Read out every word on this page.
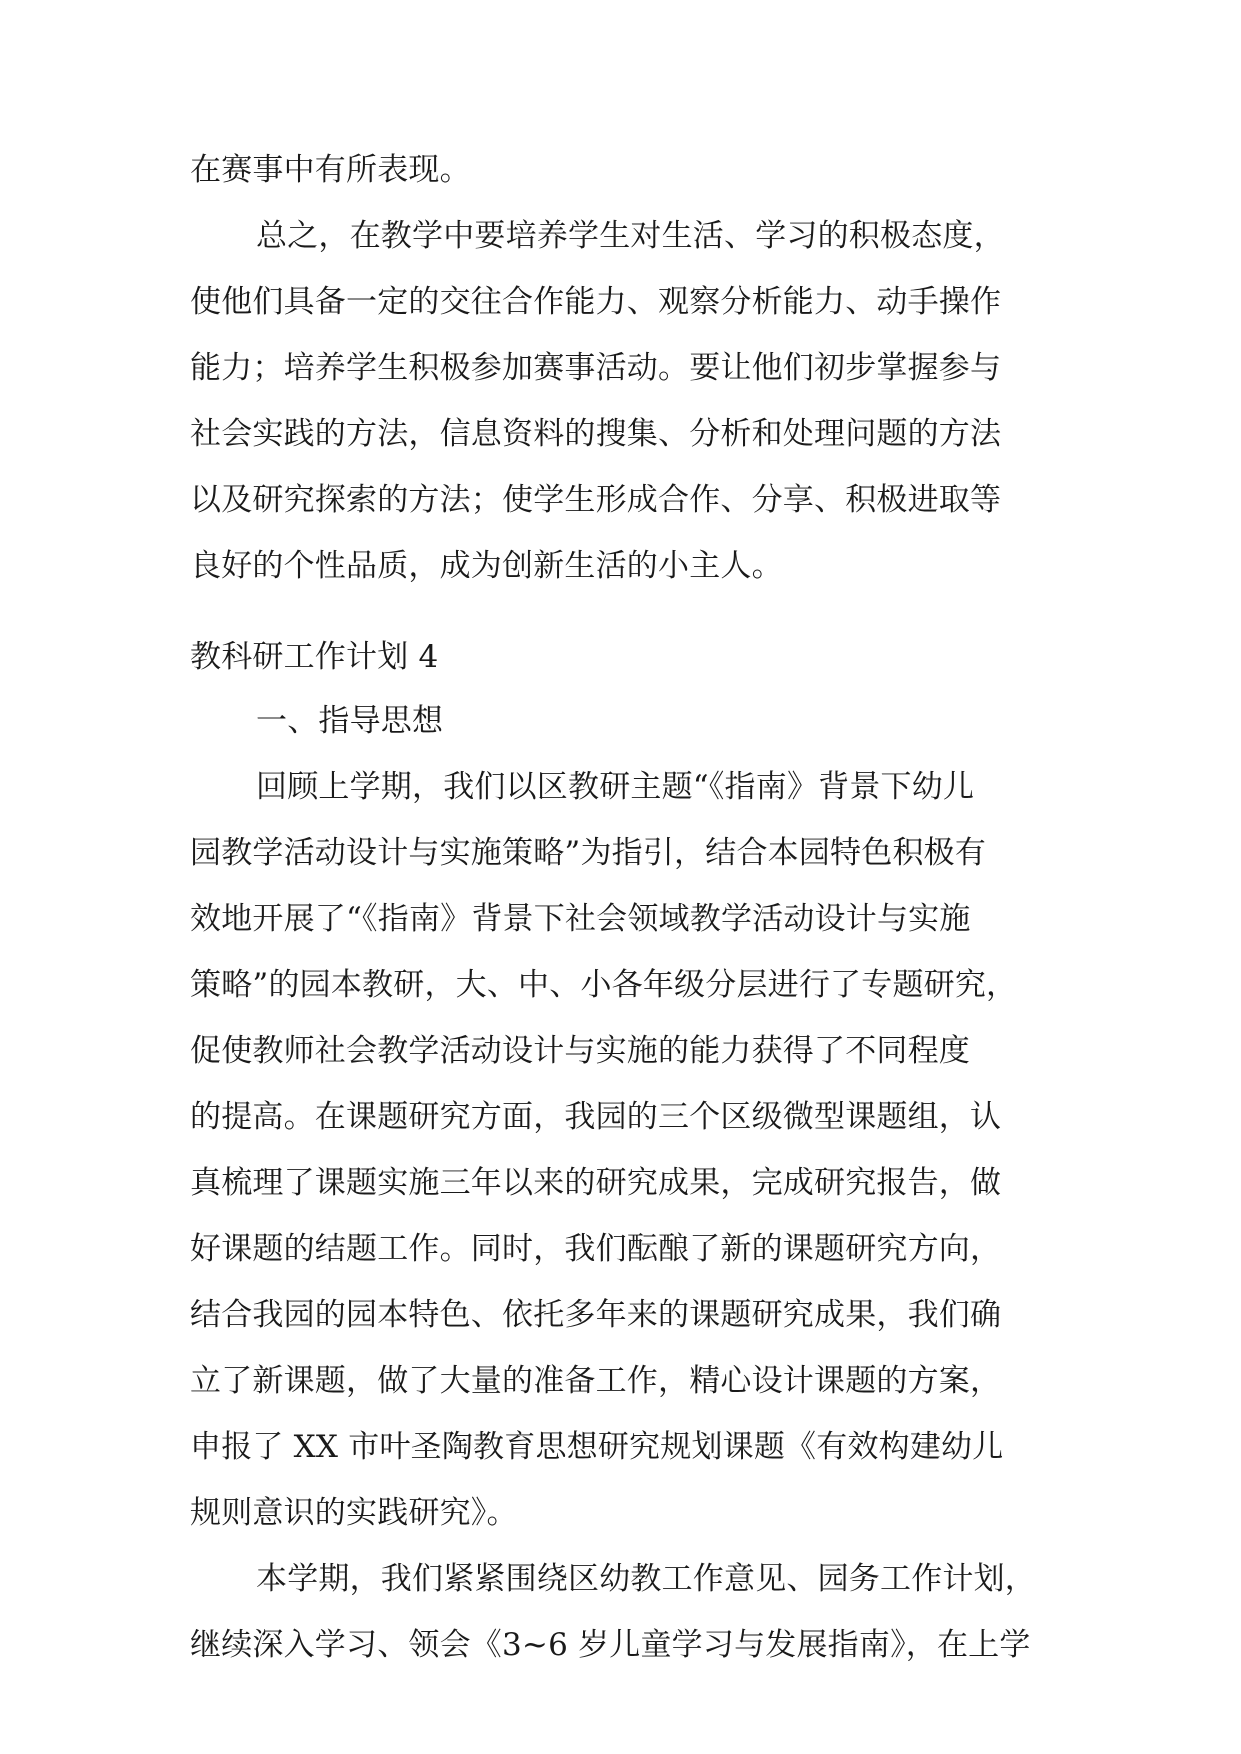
在赛事中有所表现。
总之，在教学中要培养学生对生活、学习的积极态度，
使他们具备一定的交往合作能力、观察分析能力、动手操作
能力；培养学生积极参加赛事活动。要让他们初步掌握参与
社会实践的方法，信息资料的搜集、分析和处理问题的方法
以及研究探索的方法；使学生形成合作、分享、积极进取等
良好的个性品质，成为创新生活的小主人。
教科研工作计划 4
一、指导思想
回顾上学期，我们以区教研主题“《指南》背景下幼儿
园教学活动设计与实施策略”为指引，结合本园特色积极有
效地开展了“《指南》背景下社会领域教学活动设计与实施
策略”的园本教研，大、中、小各年级分层进行了专题研究，
促使教师社会教学活动设计与实施的能力获得了不同程度
的提高。在课题研究方面，我园的三个区级微型课题组，认
真梳理了课题实施三年以来的研究成果，完成研究报告，做
好课题的结题工作。同时，我们酝酿了新的课题研究方向，
结合我园的园本特色、依托多年来的课题研究成果，我们确
立了新课题，做了大量的准备工作，精心设计课题的方案，
申报了 XX 市叶圣陶教育思想研究规划课题《有效构建幼儿
规则意识的实践研究》。
本学期，我们紧紧围绕区幼教工作意见、园务工作计划，
继续深入学习、领会《3~6 岁儿童学习与发展指南》，在上学
